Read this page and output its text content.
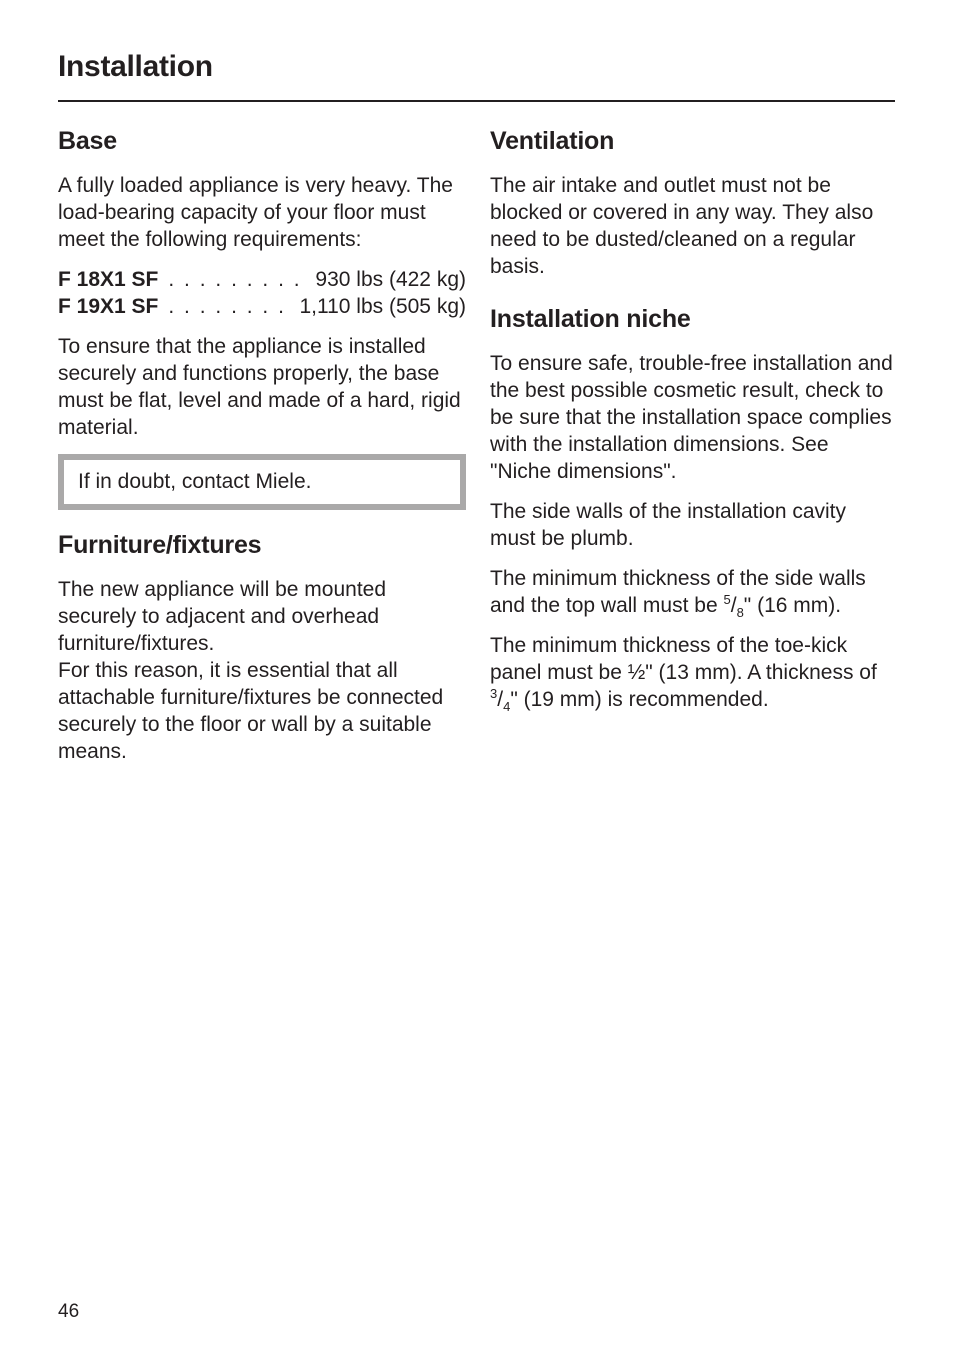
Installation
Base

A fully loaded appliance is very heavy. The load-bearing capacity of your floor must meet the following requirements:

F 18X1 SF . . . . . . . . . 930 lbs (422 kg)
F 19X1 SF . . . . . . . . 1,110 lbs (505 kg)

To ensure that the appliance is installed securely and functions properly, the base must be flat, level and made of a hard, rigid material.

If in doubt, contact Miele.

Furniture/fixtures

The new appliance will be mounted securely to adjacent and overhead furniture/fixtures.

For this reason, it is essential that all attachable furniture/fixtures be connected securely to the floor or wall by a suitable means.

Ventilation

The air intake and outlet must not be blocked or covered in any way. They also need to be dusted/cleaned on a regular basis.

Installation niche

To ensure safe, trouble-free installation and the best possible cosmetic result, check to be sure that the installation space complies with the installation dimensions. See "Niche dimensions".

The side walls of the installation cavity must be plumb.

The minimum thickness of the side walls and the top wall must be $^5/_8$" (16 mm).

The minimum thickness of the toe-kick panel must be ½" (13 mm). A thickness of $^3/_4$" (19 mm) is recommended.

46
